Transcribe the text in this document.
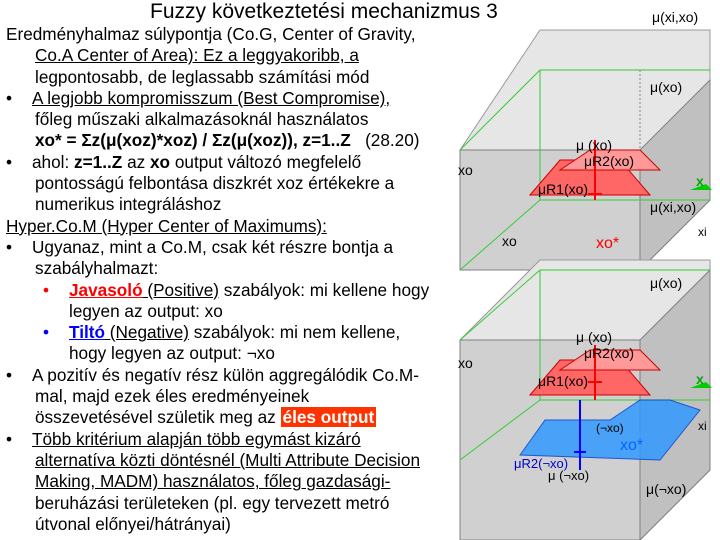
Fuzzy következtetési mechanizmus 3
Eredményhalmaz súlypontja (Co.G, Center of Gravity,
Co.A Center of Area): Ez a leggyakoribb, a
legpontosabb, de leglassabb számítási mód
• A legjobb kompromisszum (Best Compromise),
főleg műszaki alkalmazásoknál használatos
xo* = Σz(μ(xoz)*xoz) / Σz(μ(xoz)), z=1..Z (28.20)
• ahol: z=1..Z az xo output változó megfelelő
pontosságú felbontása diszkrét xoz értékekre a
numerikus integráláshoz
Hyper.Co.M (Hyper Center of Maximums):
• Ugyanaz, mint a Co.M, csak két részre bontja a
szabályhalmazt:
• Javasoló (Positive) szabályok: mi kellene hogy
legyen az output: xo
• Tiltó (Negative) szabályok: mi nem kellene,
hogy legyen az output: ¬xo
• A pozitív és negatív rész külön aggregálódik Co.M-
mal, majd ezek éles eredményeinek
összevetésével születik meg az éles output
• Több kritérium alapján több egymást kizáró
alternatíva közti döntésnél (Multi Attribute Decision
Making, MADM) használatos, főleg gazdasági-
beruházási területeken (pl. egy tervezett metró
útvonal előnyei/hátrányai)
μ(xi,xo)
μ(xo)
μ (xo)
μR2(xo)
μR1(xo)
xo
x
μ(xi,xo)
xi
xo*
xo
μ(xo)
μ (xo)
μR2(xo)
μR1(xo)	x
xi
xo
(¬xo)
μ (¬xo)
μR2(¬xo)
xo*
μ(¬xo)
